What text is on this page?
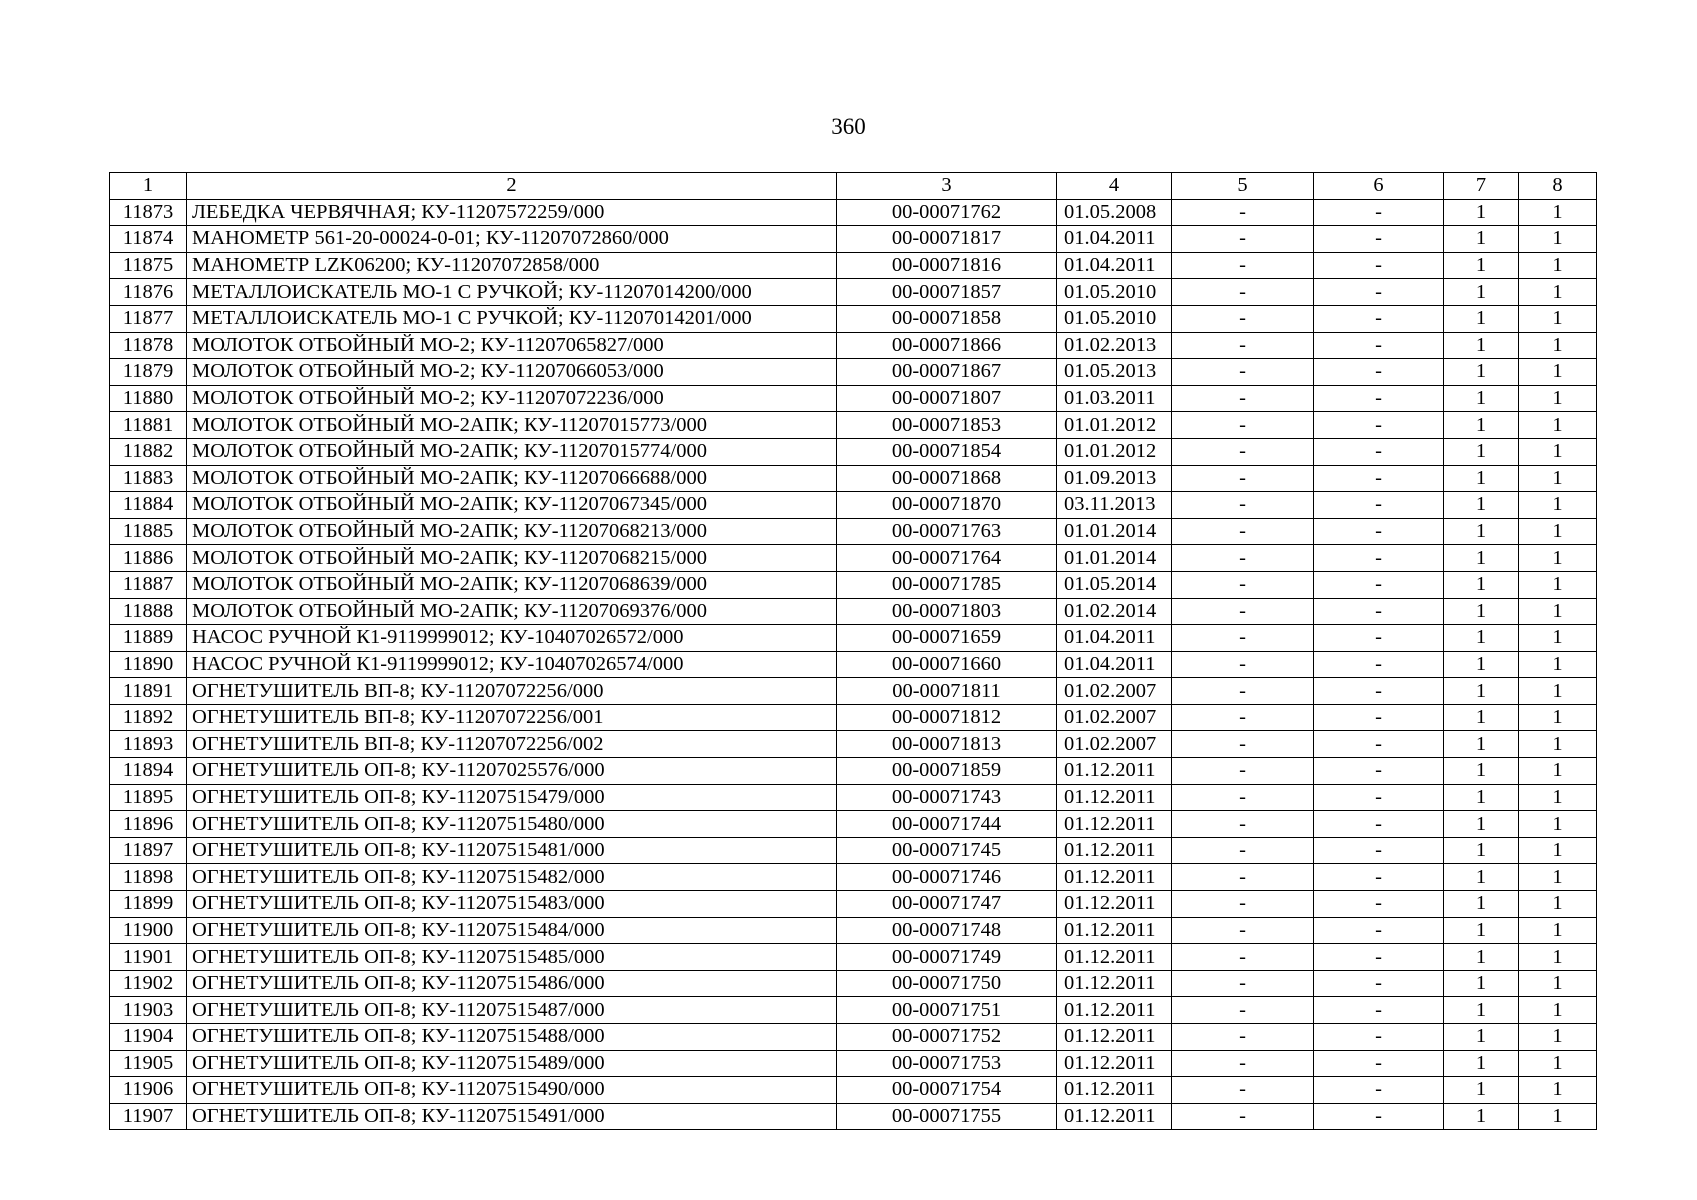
360
1	2	3	4	5	6	7	8
11873	ЛЕБЕДКА ЧЕРВЯЧНАЯ; КУ-11207572259/000	00-00071762	01.05.2008	-	-	1	1
11874	МАНОМЕТР 561-20-00024-0-01; КУ-11207072860/000	00-00071817	01.04.2011	-	-	1	1
11875	МАНОМЕТР LZK06200; КУ-11207072858/000	00-00071816	01.04.2011	-	-	1	1
11876	МЕТАЛЛОИСКАТЕЛЬ МО-1 С РУЧКОЙ; КУ-11207014200/000	00-00071857	01.05.2010	-	-	1	1
11877	МЕТАЛЛОИСКАТЕЛЬ МО-1 С РУЧКОЙ; КУ-11207014201/000	00-00071858	01.05.2010	-	-	1	1
11878	МОЛОТОК ОТБОЙНЫЙ МО-2; КУ-11207065827/000	00-00071866	01.02.2013	-	-	1	1
11879	МОЛОТОК ОТБОЙНЫЙ МО-2; КУ-11207066053/000	00-00071867	01.05.2013	-	-	1	1
11880	МОЛОТОК ОТБОЙНЫЙ МО-2; КУ-11207072236/000	00-00071807	01.03.2011	-	-	1	1
11881	МОЛОТОК ОТБОЙНЫЙ МО-2АПК; КУ-11207015773/000	00-00071853	01.01.2012	-	-	1	1
11882	МОЛОТОК ОТБОЙНЫЙ МО-2АПК; КУ-11207015774/000	00-00071854	01.01.2012	-	-	1	1
11883	МОЛОТОК ОТБОЙНЫЙ МО-2АПК; КУ-11207066688/000	00-00071868	01.09.2013	-	-	1	1
11884	МОЛОТОК ОТБОЙНЫЙ МО-2АПК; КУ-11207067345/000	00-00071870	03.11.2013	-	-	1	1
11885	МОЛОТОК ОТБОЙНЫЙ МО-2АПК; КУ-11207068213/000	00-00071763	01.01.2014	-	-	1	1
11886	МОЛОТОК ОТБОЙНЫЙ МО-2АПК; КУ-11207068215/000	00-00071764	01.01.2014	-	-	1	1
11887	МОЛОТОК ОТБОЙНЫЙ МО-2АПК; КУ-11207068639/000	00-00071785	01.05.2014	-	-	1	1
11888	МОЛОТОК ОТБОЙНЫЙ МО-2АПК; КУ-11207069376/000	00-00071803	01.02.2014	-	-	1	1
11889	НАСОС РУЧНОЙ К1-9119999012; КУ-10407026572/000	00-00071659	01.04.2011	-	-	1	1
11890	НАСОС РУЧНОЙ К1-9119999012; КУ-10407026574/000	00-00071660	01.04.2011	-	-	1	1
11891	ОГНЕТУШИТЕЛЬ ВП-8; КУ-11207072256/000	00-00071811	01.02.2007	-	-	1	1
11892	ОГНЕТУШИТЕЛЬ ВП-8; КУ-11207072256/001	00-00071812	01.02.2007	-	-	1	1
11893	ОГНЕТУШИТЕЛЬ ВП-8; КУ-11207072256/002	00-00071813	01.02.2007	-	-	1	1
11894	ОГНЕТУШИТЕЛЬ ОП-8; КУ-11207025576/000	00-00071859	01.12.2011	-	-	1	1
11895	ОГНЕТУШИТЕЛЬ ОП-8; КУ-11207515479/000	00-00071743	01.12.2011	-	-	1	1
11896	ОГНЕТУШИТЕЛЬ ОП-8; КУ-11207515480/000	00-00071744	01.12.2011	-	-	1	1
11897	ОГНЕТУШИТЕЛЬ ОП-8; КУ-11207515481/000	00-00071745	01.12.2011	-	-	1	1
11898	ОГНЕТУШИТЕЛЬ ОП-8; КУ-11207515482/000	00-00071746	01.12.2011	-	-	1	1
11899	ОГНЕТУШИТЕЛЬ ОП-8; КУ-11207515483/000	00-00071747	01.12.2011	-	-	1	1
11900	ОГНЕТУШИТЕЛЬ ОП-8; КУ-11207515484/000	00-00071748	01.12.2011	-	-	1	1
11901	ОГНЕТУШИТЕЛЬ ОП-8; КУ-11207515485/000	00-00071749	01.12.2011	-	-	1	1
11902	ОГНЕТУШИТЕЛЬ ОП-8; КУ-11207515486/000	00-00071750	01.12.2011	-	-	1	1
11903	ОГНЕТУШИТЕЛЬ ОП-8; КУ-11207515487/000	00-00071751	01.12.2011	-	-	1	1
11904	ОГНЕТУШИТЕЛЬ ОП-8; КУ-11207515488/000	00-00071752	01.12.2011	-	-	1	1
11905	ОГНЕТУШИТЕЛЬ ОП-8; КУ-11207515489/000	00-00071753	01.12.2011	-	-	1	1
11906	ОГНЕТУШИТЕЛЬ ОП-8; КУ-11207515490/000	00-00071754	01.12.2011	-	-	1	1
11907	ОГНЕТУШИТЕЛЬ ОП-8; КУ-11207515491/000	00-00071755	01.12.2011	-	-	1	1
